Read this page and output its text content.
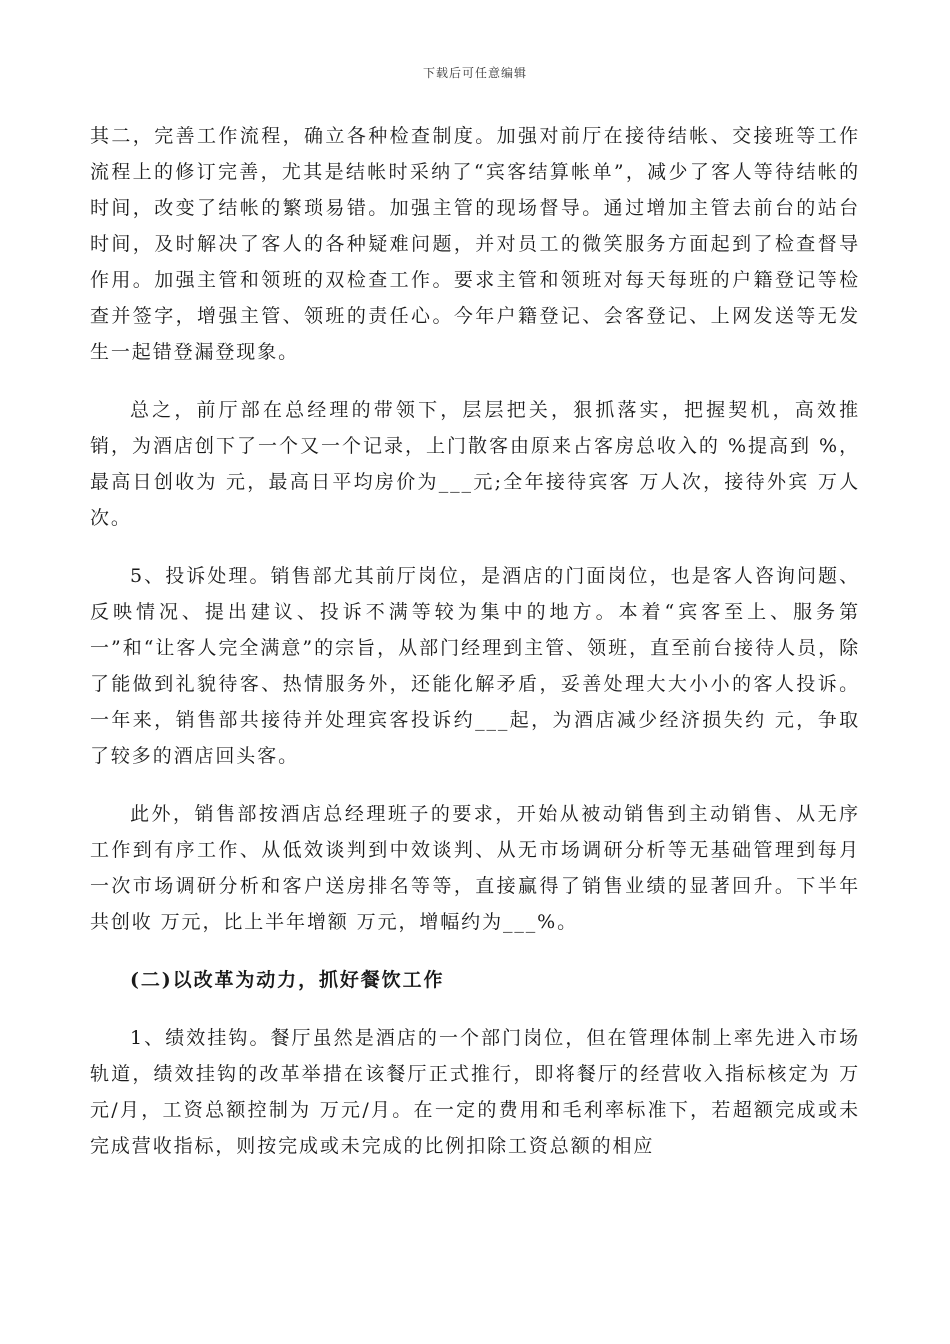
下载后可任意编辑

其二，完善工作流程，确立各种检查制度。加强对前厅在接待结帐、交接班等工作流程上的修订完善，尤其是结帐时采纳了“宾客结算帐单”，减少了客人等待结帐的时间，改变了结帐的繁琐易错。加强主管的现场督导。通过增加主管去前台的站台时间，及时解决了客人的各种疑难问题，并对员工的微笑服务方面起到了检查督导作用。加强主管和领班的双检查工作。要求主管和领班对每天每班的户籍登记等检查并签字，增强主管、领班的责任心。今年户籍登记、会客登记、上网发送等无发生一起错登漏登现象。

总之，前厅部在总经理的带领下，层层把关，狠抓落实，把握契机，高效推销，为酒店创下了一个又一个记录，上门散客由原来占客房总收入的 %提高到 %，最高日创收为 元，最高日平均房价为___元;全年接待宾客 万人次，接待外宾 万人次。

5、投诉处理。销售部尤其前厅岗位，是酒店的门面岗位，也是客人咨询问题、反映情况、提出建议、投诉不满等较为集中的地方。本着“宾客至上、服务第一”和“让客人完全满意”的宗旨，从部门经理到主管、领班，直至前台接待人员，除了能做到礼貌待客、热情服务外，还能化解矛盾，妥善处理大大小小的客人投诉。一年来，销售部共接待并处理宾客投诉约___起，为酒店减少经济损失约 元，争取了较多的酒店回头客。

此外，销售部按酒店总经理班子的要求，开始从被动销售到主动销售、从无序工作到有序工作、从低效谈判到中效谈判、从无市场调研分析等无基础管理到每月一次市场调研分析和客户送房排名等等，直接赢得了销售业绩的显著回升。下半年共创收 万元，比上半年增额 万元，增幅约为___%。

(二)以改革为动力，抓好餐饮工作

1、绩效挂钩。餐厅虽然是酒店的一个部门岗位，但在管理体制上率先进入市场轨道，绩效挂钩的改革举措在该餐厅正式推行，即将餐厅的经营收入指标核定为 万元/月，工资总额控制为 万元/月。在一定的费用和毛利率标准下，若超额完成或未完成营收指标，则按完成或未完成的比例扣除工资总额的相应
